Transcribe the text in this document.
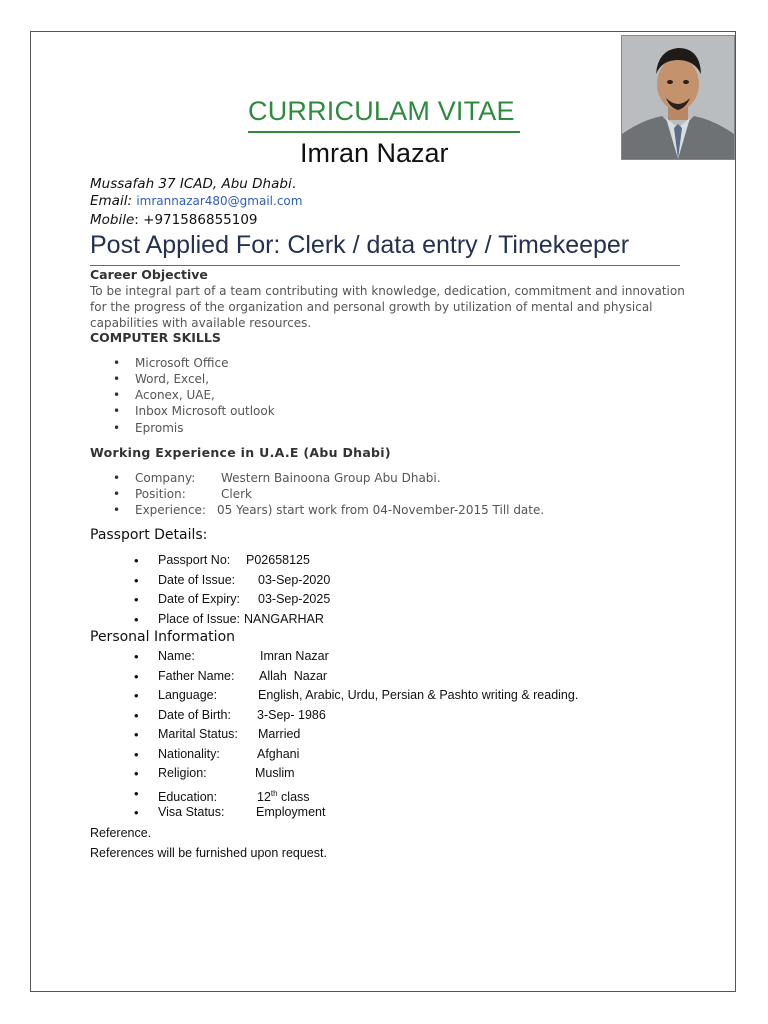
CURRICULAM VITAE
Imran Nazar
Mussafah 37 ICAD, Abu Dhabi.
Email: imrannazar480@gmail.com
Mobile: +971586855109
Post Applied For: Clerk / data entry / Timekeeper
Career Objective
To be integral part of a team contributing with knowledge, dedication, commitment and innovation for the progress of the organization and personal growth by utilization of mental and physical capabilities with available resources.
COMPUTER SKILLS
• Microsoft Office
• Word, Excel,
• Aconex, UAE,
• Inbox Microsoft outlook
• Epromis
Working Experience in U.A.E (Abu Dhabi)
• Company: Western Bainoona Group Abu Dhabi.
• Position:	Clerk
• Experience: 05 Years) start work from 04-November-2015 Till date.
Passport Details:
• Passport No: P02658125
• Date of Issue: 03-Sep-2020
• Date of Expiry: 03-Sep-2025
• Place of Issue: NANGARHAR
Personal Information
• Name:	Imran Nazar
• Father Name: Allah  Nazar
• Language:	English, Arabic, Urdu, Persian & Pashto writing & reading.
• Date of Birth: 3-Sep- 1986
• Marital Status: Married
• Nationality:	Afghani
• Religion:	Muslim
• Education:	12th class
• Visa Status:	Employment
Reference.
References will be furnished upon request.
